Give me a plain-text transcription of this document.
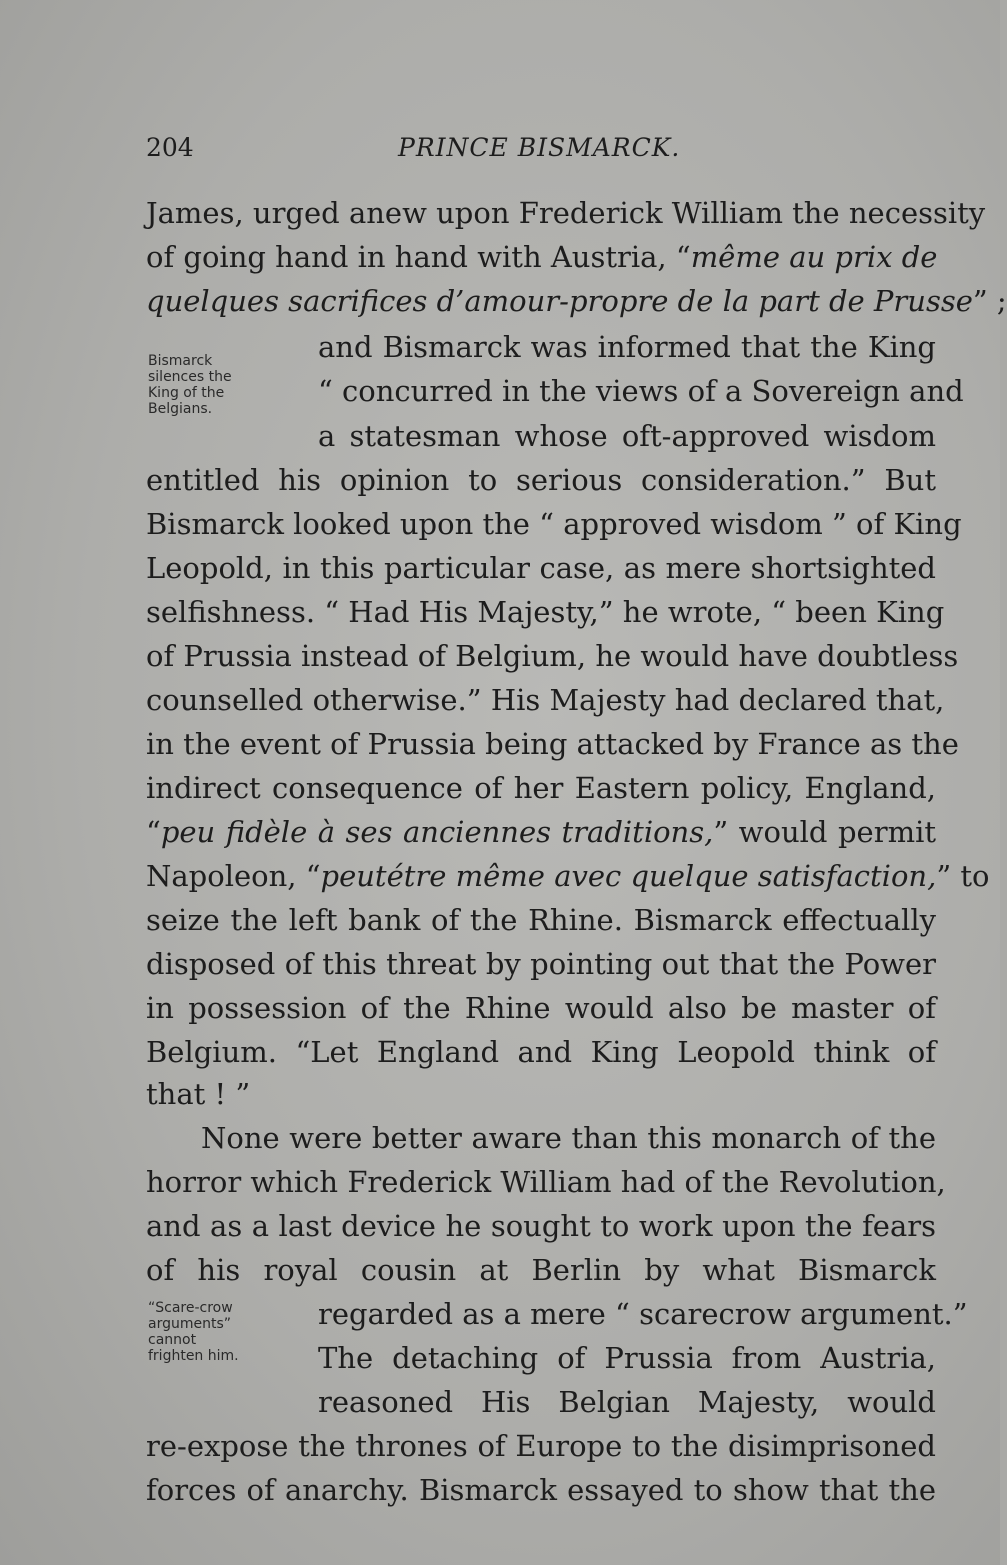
204	PRINCE BISMARCK.
Bismarck
silences the
King of the
Belgians.
“Scare-crow
arguments”
cannot
frighten him.
James, urged anew upon Frederick William the necessity
of going hand in hand with Austria, “même au prix de
quelques sacrifices d’amour-propre de la part de Prusse” ;
and Bismarck was informed that the King
“ concurred in the views of a Sovereign and
a statesman whose oft-approved wisdom
entitled his opinion to serious consideration.” But
Bismarck looked upon the “ approved wisdom ” of King
Leopold, in this particular case, as mere shortsighted
selfishness. “ Had His Majesty,” he wrote, “ been King
of Prussia instead of Belgium, he would have doubtless
counselled otherwise.” His Majesty had declared that,
in the event of Prussia being attacked by France as the
indirect consequence of her Eastern policy, England,
“peu fidèle à ses anciennes traditions,” would permit
Napoleon, “peutétre même avec quelque satisfaction,” to
seize the left bank of the Rhine. Bismarck effectually
disposed of this threat by pointing out that the Power
in possession of the Rhine would also be master of
Belgium. “Let England and King Leopold think of
that ! ”
None were better aware than this monarch of the
horror which Frederick William had of the Revolution,
and as a last device he sought to work upon the fears
of his royal cousin at Berlin by what Bismarck
regarded as a mere “ scarecrow argument.”
The detaching of Prussia from Austria,
reasoned His Belgian Majesty, would
re-expose the thrones of Europe to the disimprisoned
forces of anarchy. Bismarck essayed to show that the
